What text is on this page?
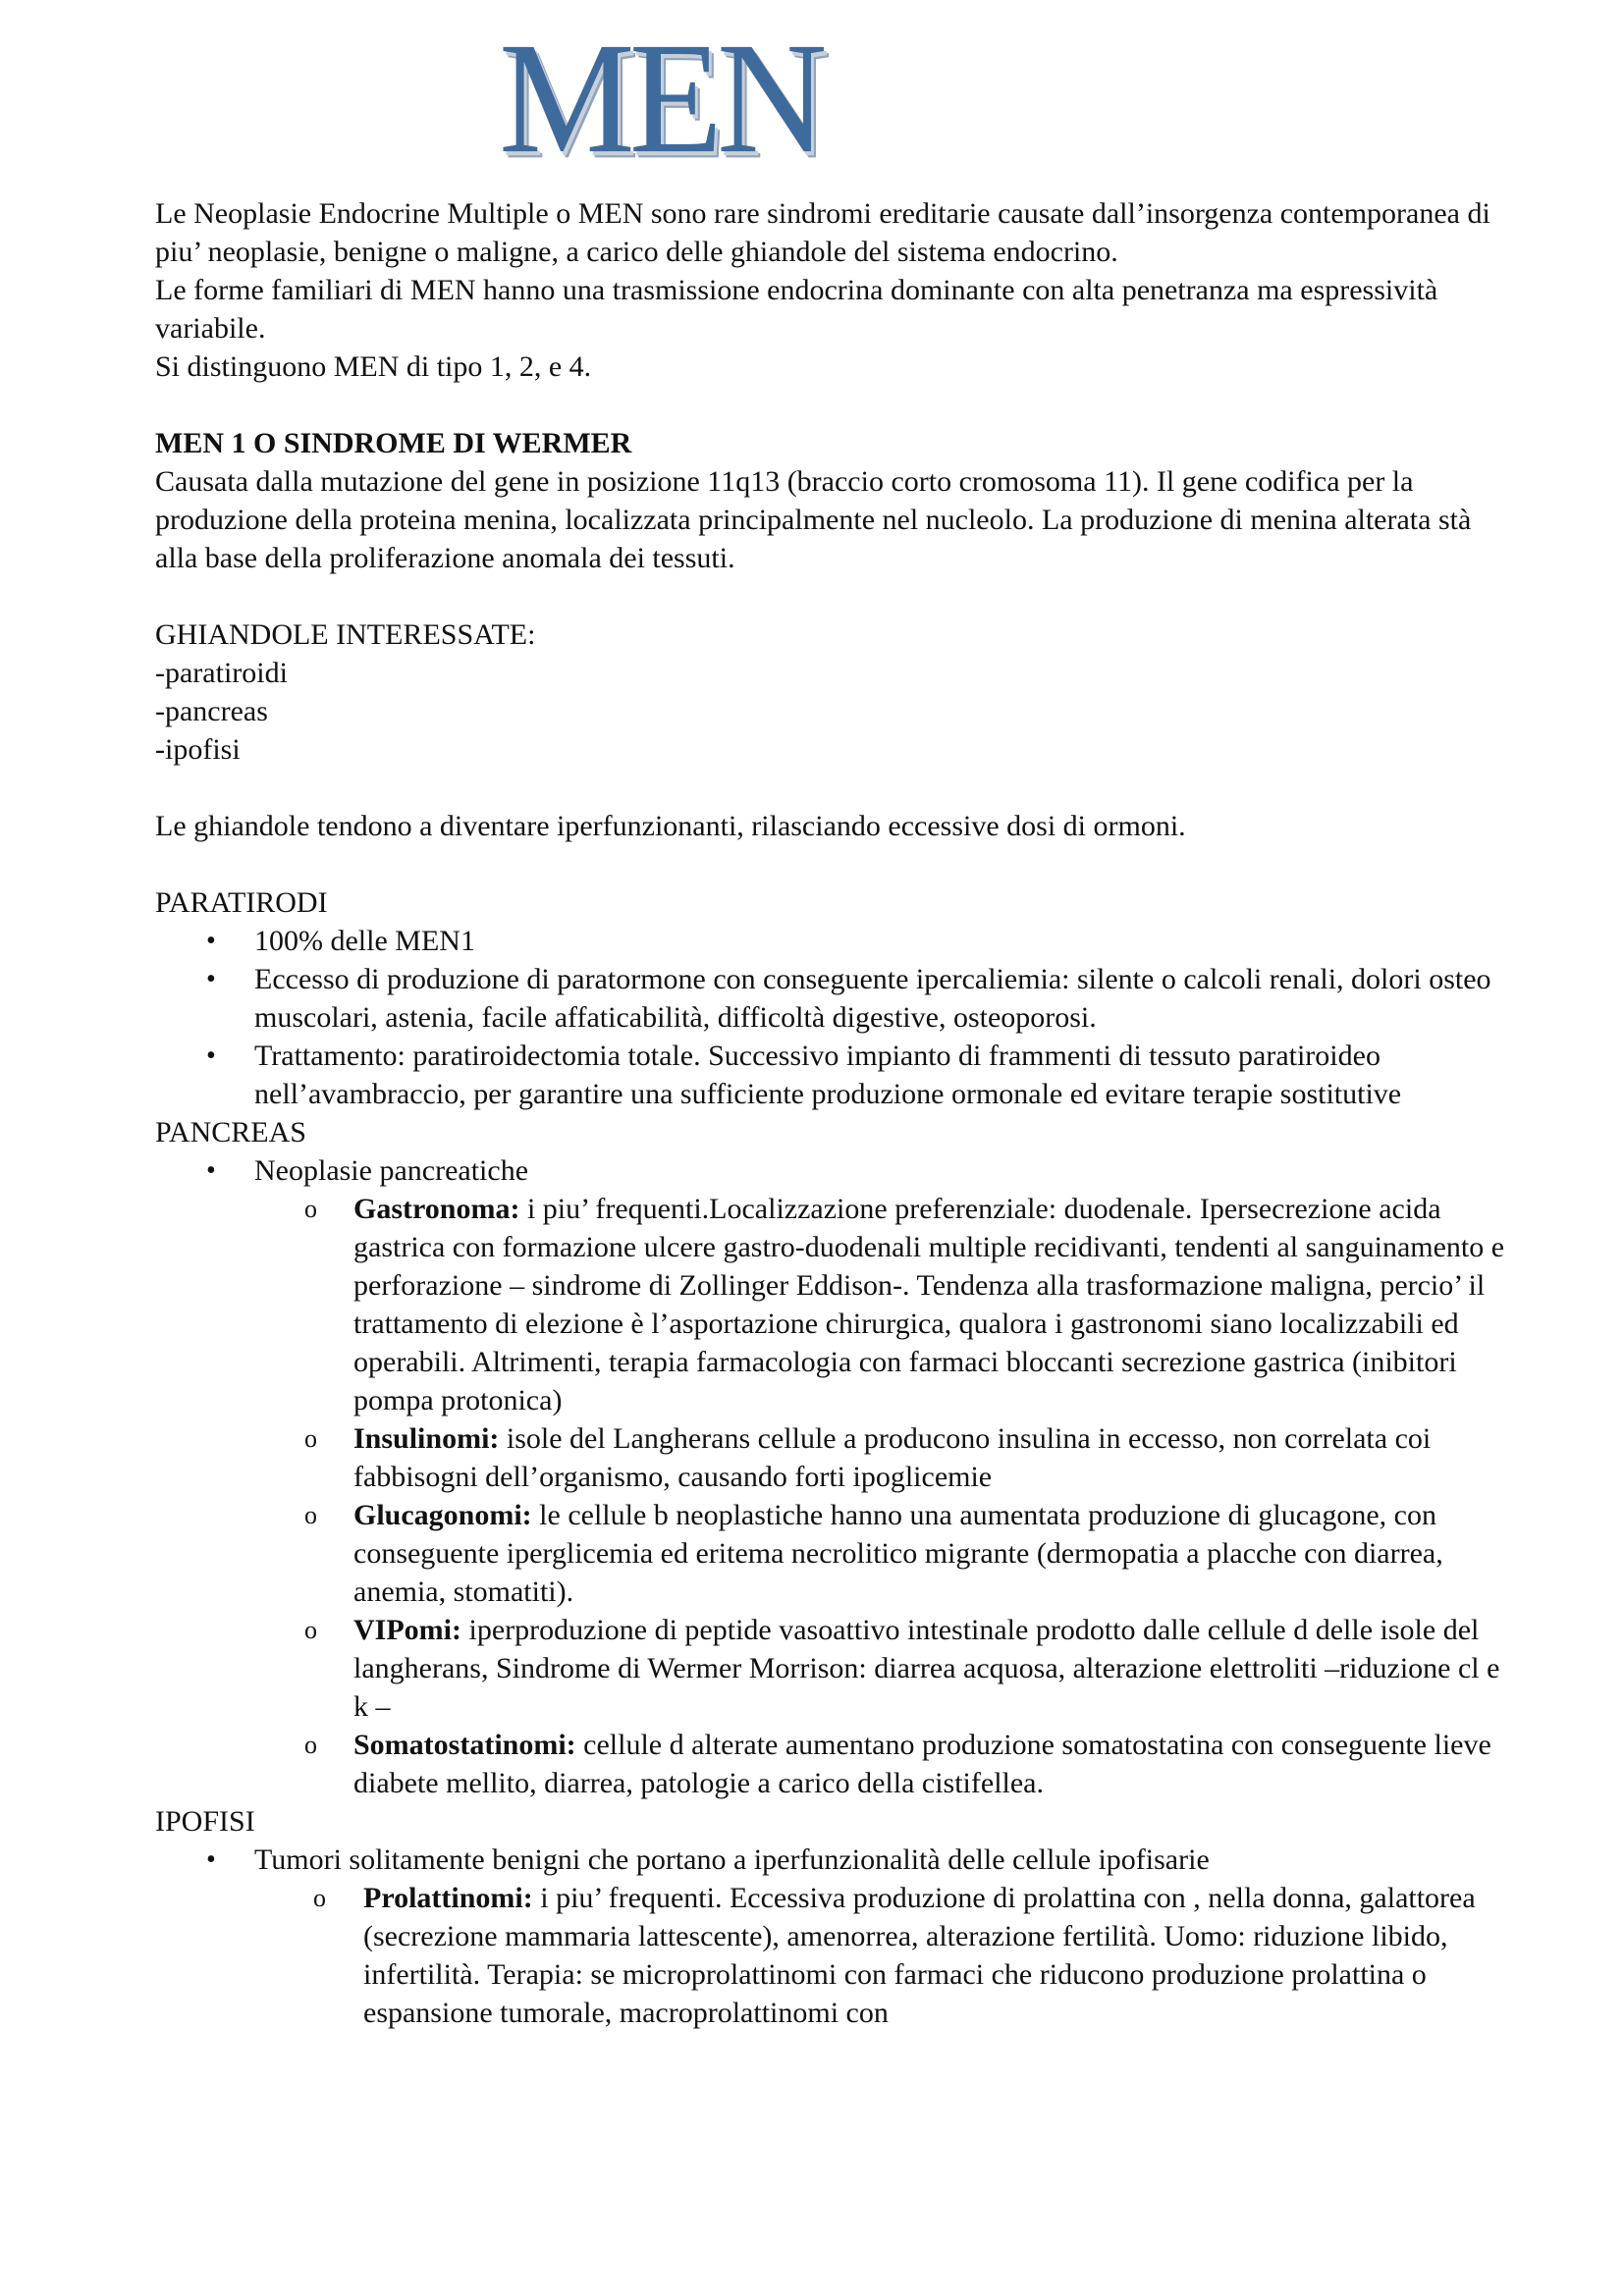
MEN

Le Neoplasie Endocrine Multiple o MEN sono rare sindromi ereditarie causate dall’insorgenza contemporanea di piu’ neoplasie, benigne o maligne, a carico delle ghiandole del sistema endocrino.

Le forme familiari di MEN hanno una trasmissione endocrina dominante con alta penetranza ma espressività variabile.

Si distinguono MEN di tipo 1, 2, e 4.

MEN 1 O SINDROME DI WERMER

Causata dalla mutazione del gene in posizione 11q13 (braccio corto cromosoma 11). Il gene codifica per la produzione della proteina menina, localizzata principalmente nel nucleolo. La produzione di menina alterata stà alla base della proliferazione anomala dei tessuti.

GHIANDOLE INTERESSATE:

-paratiroidi

-pancreas

-ipofisi

Le ghiandole tendono a diventare iperfunzionanti, rilasciando eccessive dosi di ormoni.

PARATIRODI

• 100% delle MEN1
• Eccesso di produzione di paratormone con conseguente ipercaliemia: silente o calcoli renali, dolori osteo muscolari, astenia, facile affaticabilità, difficoltà digestive, osteoporosi.
• Trattamento: paratiroidectomia totale. Successivo impianto di frammenti di tessuto paratiroideo nell’avambraccio, per garantire una sufficiente produzione ormonale ed evitare terapie sostitutive

PANCREAS

• Neoplasie pancreatiche
o Gastronoma: i piu’ frequenti.Localizzazione preferenziale: duodenale. Ipersecrezione acida gastrica con formazione ulcere gastro-duodenali multiple recidivanti, tendenti al sanguinamento e perforazione – sindrome di Zollinger Eddison-. Tendenza alla trasformazione maligna, percio’ il trattamento di elezione è l’asportazione chirurgica, qualora i gastronomi siano localizzabili ed operabili. Altrimenti, terapia farmacologia con farmaci bloccanti secrezione gastrica (inibitori pompa protonica)
o Insulinomi: isole del Langherans cellule a producono insulina in eccesso, non correlata coi fabbisogni dell’organismo, causando forti ipoglicemie
o Glucagonomi: le cellule b neoplastiche hanno una aumentata produzione di glucagone, con conseguente iperglicemia ed eritema necrolitico migrante (dermopatia a placche con diarrea, anemia, stomatiti).
o VIPomi: iperproduzione di peptide vasoattivo intestinale prodotto dalle cellule d delle isole del langherans, Sindrome di Wermer Morrison: diarrea acquosa, alterazione elettroliti –riduzione cl e k –
o Somatostatinomi: cellule d alterate aumentano produzione somatostatina con conseguente lieve diabete mellito, diarrea, patologie a carico della cistifellea.

IPOFISI

• Tumori solitamente benigni che portano a iperfunzionalità delle cellule ipofisarie
o Prolattinomi: i piu’ frequenti. Eccessiva produzione di prolattina con , nella donna, galattorea (secrezione mammaria lattescente), amenorrea, alterazione fertilità. Uomo: riduzione libido, infertilità. Terapia: se microprolattinomi con farmaci che riducono produzione prolattina o espansione tumorale, macroprolattinomi con
